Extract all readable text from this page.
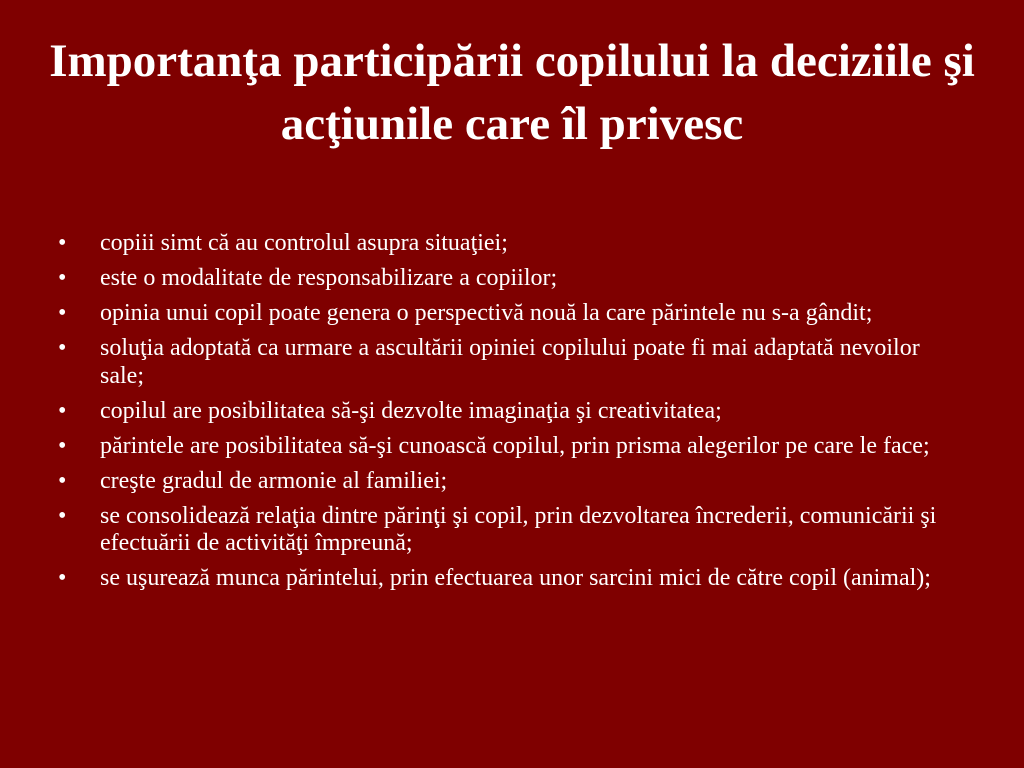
Importanţa participării copilului la deciziile şi acţiunile care îl privesc
• copiii simt că au controlul asupra situaţiei;
• este o modalitate de responsabilizare a copiilor;
• opinia unui copil poate genera o perspectivă nouă la care părintele nu s-a gândit;
• soluţia adoptată ca urmare a ascultării opiniei copilului poate fi mai adaptată nevoilor sale;
• copilul are posibilitatea să-şi dezvolte imaginaţia şi creativitatea;
• părintele are posibilitatea să-şi cunoască copilul, prin prisma alegerilor pe care le face;
• creşte gradul de armonie al familiei;
• se consolidează relaţia dintre părinţi şi copil, prin dezvoltarea încrederii, comunicării şi efectuării de activităţi împreună;
• se uşurează munca părintelui, prin efectuarea unor sarcini mici de către copil (animal);
